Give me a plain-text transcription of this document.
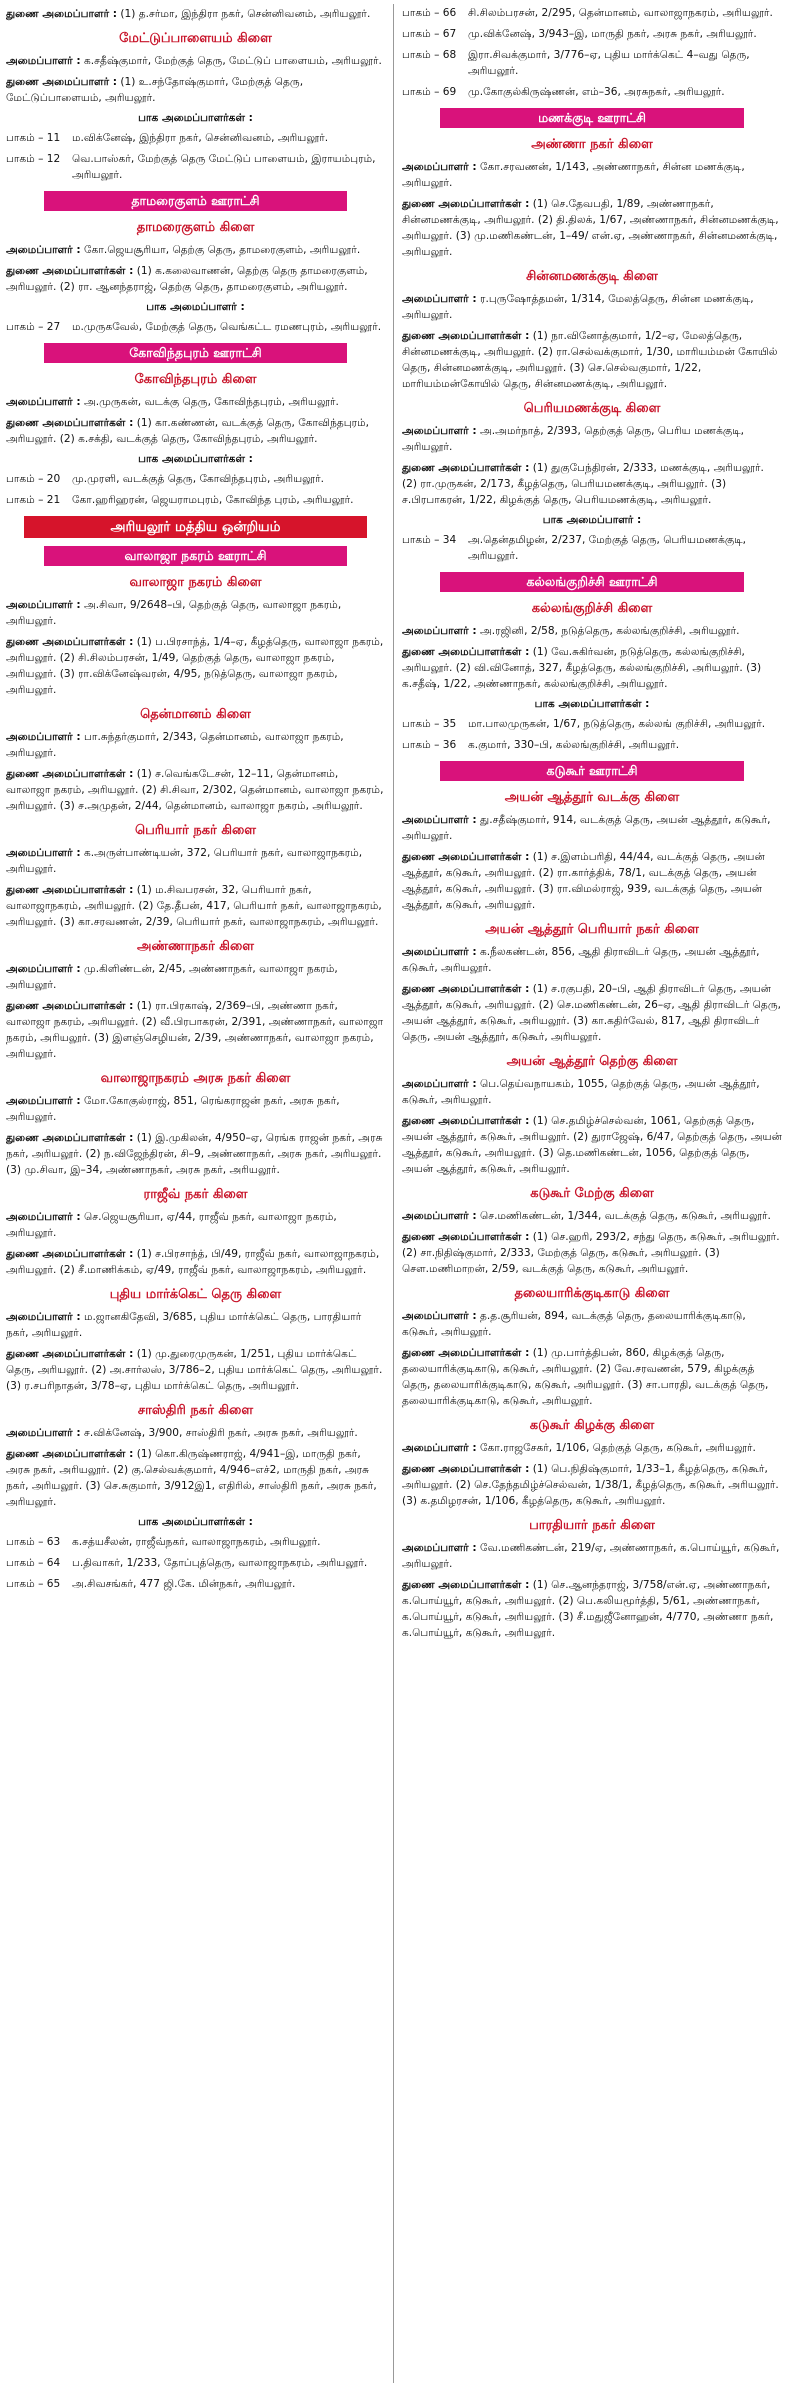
துணை அமைப்பாளர் : (1) த.சர்மா, இந்திரா நகர், சென்னிவனம், அரியலூர்.
மேட்டுப்பாளையம் கிளை
அமைப்பாளர் : க.சதீஷ்குமார், மேற்குத் தெரு, மேட்டுப் பாளையம், அரியலூர்.
துணை அமைப்பாளர் : (1) உ.சந்தோஷ்குமார், மேற்குத் தெரு, மேட்டுப்பாளையம், அரியலூர்.
பாக அமைப்பாளர்கள் :
பாகம் – 11	ம.விக்னேஷ், இந்திரா நகர், சென்னிவனம், அரியலூர்.
பாகம் – 12	வெ.பாஸ்கர், மேற்குத் தெரு மேட்டுப் பாளையம், இராயம்புரம், அரியலூர்.
தாமரைகுளம் ஊராட்சி
தாமரைகுளம் கிளை
அமைப்பாளர் : கோ.ஜெயசூரியா, தெற்கு தெரு, தாமரைகுளம், அரியலூர்.
துணை அமைப்பாளர்கள் : (1) க.கலைவாணன், தெற்கு தெரு தாமரைகுளம், அரியலூர். (2) ரா. ஆனந்தராஜ், தெற்கு தெரு, தாமரைகுளம், அரியலூர்.
பாக அமைப்பாளர் :
பாகம் – 27	ம.முருகவேல், மேற்குத் தெரு, வெங்கட்ட ரமணபுரம், அரியலூர்.
கோவிந்தபுரம் ஊராட்சி
கோவிந்தபுரம் கிளை
அமைப்பாளர் : அ.முருகன், வடக்கு தெரு, கோவிந்தபுரம், அரியலூர்.
துணை அமைப்பாளர்கள் : (1) கா.கண்ணன், வடக்குத் தெரு, கோவிந்தபுரம், அரியலூர். (2) க.சக்தி, வடக்குத் தெரு, கோவிந்தபுரம், அரியலூர்.
பாக அமைப்பாளர்கள் :
பாகம் – 20	மு.முரளி, வடக்குத் தெரு, கோவிந்தபுரம், அரியலூர்.
பாகம் – 21	கோ.ஹரிஹரன், ஜெயராமபுரம், கோவிந்த புரம், அரியலூர்.
அரியலூர் மத்திய ஒன்றியம்
வாலாஜா நகரம் ஊராட்சி
வாலாஜா நகரம் கிளை
அமைப்பாளர் : அ.சிவா, 9/2648–பி, தெற்குத் தெரு, வாலாஜா நகரம், அரியலூர்.
துணை அமைப்பாளர்கள் : (1) ப.பிரசாந்த், 1/4–ஏ, கீழத்தெரு, வாலாஜா நகரம், அரியலூர். (2) சி.சிலம்பரசன், 1/49, தெற்குத் தெரு, வாலாஜா நகரம், அரியலூர். (3) ரா.விக்னேஷ்வரன், 4/95, நடுத்தெரு, வாலாஜா நகரம், அரியலூர்.
தென்மானம் கிளை
அமைப்பாளர் : பா.சுந்தர்குமார், 2/343, தென்மானம், வாலாஜா நகரம், அரியலூர்.
துணை அமைப்பாளர்கள் : (1) ச.வெங்கடேசன், 12–11, தென்மானம், வாலாஜா நகரம், அரியலூர். (2) சி.சிவா, 2/302, தென்மானம், வாலாஜா நகரம், அரியலூர். (3) ச.அமுதன், 2/44, தென்மானம், வாலாஜா நகரம், அரியலூர்.
பெரியார் நகர் கிளை
அமைப்பாளர் : க.அருள்பாண்டியன், 372, பெரியார் நகர், வாலாஜாநகரம், அரியலூர்.
துணை அமைப்பாளர்கள் : (1) ம.சிவபரசன், 32, பெரியார் நகர், வாலாஜாநகரம், அரியலூர். (2) தே.தீபன், 417, பெரியார் நகர், வாலாஜாநகரம், அரியலூர். (3) கா.சரவணன், 2/39, பெரியார் நகர், வாலாஜாநகரம், அரியலூர்.
அண்ணாநகர் கிளை
அமைப்பாளர் : மு.கிளிண்டன், 2/45, அண்ணாநகர், வாலாஜா நகரம், அரியலூர்.
துணை அமைப்பாளர்கள் : (1) ரா.பிரகாஷ், 2/369–பி, அண்ணா நகர், வாலாஜா நகரம், அரியலூர். (2) வீ.பிரபாகரன், 2/391, அண்ணாநகர், வாலாஜா நகரம், அரியலூர். (3) இளஞ்செழியன், 2/39, அண்ணாநகர், வாலாஜா நகரம், அரியலூர்.
வாலாஜாநகரம் அரசு நகர் கிளை
அமைப்பாளர் : மோ.கோகுல்ராஜ், 851, ரெங்கராஜன் நகர், அரசு நகர், அரியலூர்.
துணை அமைப்பாளர்கள் : (1) இ.முகிலன், 4/950–ஏ, ரெங்க ராஜன் நகர், அரசு நகர், அரியலூர். (2) ந.விஜேந்திரன், சி–9, அண்ணாநகர், அரசு நகர், அரியலூர். (3) மு.சிவா, இ–34, அண்ணாநகர், அரசு நகர், அரியலூர்.
ராஜீவ் நகர் கிளை
அமைப்பாளர் : செ.ஜெயசூரியா, ஏ/44, ராஜீவ் நகர், வாலாஜா நகரம், அரியலூர்.
துணை அமைப்பாளர்கள் : (1) ச.பிரசாந்த், பி/49, ராஜீவ் நகர், வாலாஜாநகரம், அரியலூர். (2) சீ.மாணிக்கம், ஏ/49, ராஜீவ் நகர், வாலாஜாநகரம், அரியலூர்.
புதிய மார்க்கெட் தெரு கிளை
அமைப்பாளர் : ம.ஜானகிதேவி, 3/685, புதிய மார்க்கெட் தெரு, பாரதியார் நகர், அரியலூர்.
துணை அமைப்பாளர்கள் : (1) மு.துரைமுருகன், 1/251, புதிய மார்க்கெட் தெரு, அரியலூர். (2) அ.சார்லஸ், 3/786–2, புதிய மார்க்கெட் தெரு, அரியலூர். (3) ர.சபரிநாதன், 3/78–ஏ, புதிய மார்க்கெட் தெரு, அரியலூர்.
சாஸ்திரி நகர் கிளை
அமைப்பாளர் : ச.விக்னேஷ், 3/900, சாஸ்திரி நகர், அரசு நகர், அரியலூர்.
துணை அமைப்பாளர்கள் : (1) கொ.கிருஷ்ணராஜ், 4/941–இ, மாருதி நகர், அரசு நகர், அரியலூர். (2) கு.செல்வக்குமார், 4/946–எச்2, மாருதி நகர், அரசு நகர், அரியலூர். (3) செ.சுகுமார், 3/912இ1, எதிரில், சாஸ்திரி நகர், அரசு நகர், அரியலூர்.
பாக அமைப்பாளர்கள் :
பாகம் – 63	க.சத்யசீலன், ராஜீவ்நகர், வாலாஜாநகரம், அரியலூர்.
பாகம் – 64	ப.திவாகர், 1/233, தோப்புத்தெரு, வாலாஜாநகரம், அரியலூர்.
பாகம் – 65	அ.சிவசங்கர், 477 ஜி.கே. மின்நகர், அரியலூர்.
பாகம் – 66	சி.சிலம்பரசன், 2/295, தென்மானம், வாலாஜாநகரம், அரியலூர்.
பாகம் – 67	மு.விக்னேஷ், 3/943–இ, மாருதி நகர், அரசு நகர், அரியலூர்.
பாகம் – 68	இரா.சிவக்குமார், 3/776–ஏ, புதிய மார்க்கெட் 4–வது தெரு, அரியலூர்.
பாகம் – 69	மு.கோகுல்கிருஷ்ணன், எம்–36, அரசுநகர், அரியலூர்.
மணக்குடி ஊராட்சி
அண்ணா நகர் கிளை
அமைப்பாளர் : கோ.சரவணன், 1/143, அண்ணாநகர், சின்ன மணக்குடி, அரியலூர்.
துணை அமைப்பாளர்கள் : (1) செ.தேவபதி, 1/89, அண்ணாநகர், சின்னமணக்குடி, அரியலூர். (2) தி.திலக், 1/67, அண்ணாநகர், சின்னமணக்குடி, அரியலூர். (3) மு.மணிகண்டன், 1–49/ என்.ஏ, அண்ணாநகர், சின்னமணக்குடி, அரியலூர்.
சின்னமணக்குடி கிளை
அமைப்பாளர் : ர.புருஷோத்தமன், 1/314, மேலத்தெரு, சின்ன மணக்குடி, அரியலூர்.
துணை அமைப்பாளர்கள் : (1) நா.வினோத்குமார், 1/2–ஏ, மேலத்தெரு, சின்னமணக்குடி, அரியலூர். (2) ரா.செல்வக்குமார், 1/30, மாரியம்மன் கோயில் தெரு, சின்னமணக்குடி, அரியலூர். (3) செ.செல்வகுமார், 1/22, மாரியம்மன்கோயில் தெரு, சின்னமணக்குடி, அரியலூர்.
பெரியமணக்குடி கிளை
அமைப்பாளர் : அ.அமர்நாத், 2/393, தெற்குத் தெரு, பெரிய மணக்குடி, அரியலூர்.
துணை அமைப்பாளர்கள் : (1) துகுபேந்திரன், 2/333, மணக்குடி, அரியலூர். (2) ரா.முருகன், 2/173, கீழத்தெரு, பெரியமணக்குடி, அரியலூர். (3) ச.பிரபாகரன், 1/22, கிழக்குத் தெரு, பெரியமணக்குடி, அரியலூர்.
பாக அமைப்பாளர் :
பாகம் – 34	அ.தென்தமிழன், 2/237, மேற்குத் தெரு, பெரியமணக்குடி, அரியலூர்.
கல்லங்குறிச்சி ஊராட்சி
கல்லங்குறிச்சி கிளை
அமைப்பாளர் : அ.ரஜினி, 2/58, நடுத்தெரு, கல்லங்குறிச்சி, அரியலூர்.
துணை அமைப்பாளர்கள் : (1) வே.சுகிர்வன், நடுத்தெரு, கல்லங்குறிச்சி, அரியலூர். (2) வி.வினோத், 327, கீழத்தெரு, கல்லங்குறிச்சி, அரியலூர். (3) க.சதீஷ், 1/22, அண்ணாநகர், கல்லங்குறிச்சி, அரியலூர்.
பாக அமைப்பாளர்கள் :
பாகம் – 35	மா.பாலமுருகன், 1/67, நடுத்தெரு, கல்லங் குறிச்சி, அரியலூர்.
பாகம் – 36	க.குமார், 330–பி, கல்லங்குறிச்சி, அரியலூர்.
கடுகூர் ஊராட்சி
அயன் ஆத்தூர் வடக்கு கிளை
அமைப்பாளர் : து.சதீஷ்குமார், 914, வடக்குத் தெரு, அயன் ஆத்தூர், கடுகூர், அரியலூர்.
துணை அமைப்பாளர்கள் : (1) ச.இளம்பரிதி, 44/44, வடக்குத் தெரு, அயன் ஆத்தூர், கடுகூர், அரியலூர். (2) ரா.கார்த்திக், 78/1, வடக்குத் தெரு, அயன் ஆத்தூர், கடுகூர், அரியலூர். (3) ரா.விமல்ராஜ், 939, வடக்குத் தெரு, அயன் ஆத்தூர், கடுகூர், அரியலூர்.
அயன் ஆத்தூர் பெரியார் நகர் கிளை
அமைப்பாளர் : க.நீலகண்டன், 856, ஆதி திராவிடர் தெரு, அயன் ஆத்தூர், கடுகூர், அரியலூர்.
துணை அமைப்பாளர்கள் : (1) ச.ரகுபதி, 20–பி, ஆதி திராவிடர் தெரு, அயன் ஆத்தூர், கடுகூர், அரியலூர். (2) செ.மணிகண்டன், 26–ஏ, ஆதி திராவிடர் தெரு, அயன் ஆத்தூர், கடுகூர், அரியலூர். (3) கா.கதிர்வேல், 817, ஆதி திராவிடர் தெரு, அயன் ஆத்தூர், கடுகூர், அரியலூர்.
அயன் ஆத்தூர் தெற்கு கிளை
அமைப்பாளர் : பெ.தெய்வநாயகம், 1055, தெற்குத் தெரு, அயன் ஆத்தூர், கடுகூர், அரியலூர்.
துணை அமைப்பாளர்கள் : (1) செ.தமிழ்ச்செல்வன், 1061, தெற்குத் தெரு, அயன் ஆத்தூர், கடுகூர், அரியலூர். (2) துராஜேஷ், 6/47, தெற்குத் தெரு, அயன் ஆத்தூர், கடுகூர், அரியலூர். (3) தெ.மணிகண்டன், 1056, தெற்குத் தெரு, அயன் ஆத்தூர், கடுகூர், அரியலூர்.
கடுகூர் மேற்கு கிளை
அமைப்பாளர் : செ.மணிகண்டன், 1/344, வடக்குத் தெரு, கடுகூர், அரியலூர்.
துணை அமைப்பாளர்கள் : (1) செ.ஹரி, 293/2, சந்து தெரு, கடுகூர், அரியலூர். (2) சா.நிதிஷ்குமார், 2/333, மேற்குத் தெரு, கடுகூர், அரியலூர். (3) சௌ.மணிமாறன், 2/59, வடக்குத் தெரு, கடுகூர், அரியலூர்.
தலையாரிக்குடிகாடு கிளை
அமைப்பாளர் : த.த.சூரியன், 894, வடக்குத் தெரு, தலையாரிக்குடிகாடு, கடுகூர், அரியலூர்.
துணை அமைப்பாளர்கள் : (1) மு.பார்த்திபன், 860, கிழக்குத் தெரு, தலையாரிக்குடிகாடு, கடுகூர், அரியலூர். (2) வே.சரவணன், 579, கிழக்குத் தெரு, தலையாரிக்குடிகாடு, கடுகூர், அரியலூர். (3) சா.பாரதி, வடக்குத் தெரு, தலையாரிக்குடிகாடு, கடுகூர், அரியலூர்.
கடுகூர் கிழக்கு கிளை
அமைப்பாளர் : கோ.ராஜசேகர், 1/106, தெற்குத் தெரு, கடுகூர், அரியலூர்.
துணை அமைப்பாளர்கள் : (1) பெ.நிதிஷ்குமார், 1/33–1, கீழத்தெரு, கடுகூர், அரியலூர். (2) செ.தேந்தமிழ்ச்செல்வன், 1/38/1, கீழத்தெரு, கடுகூர், அரியலூர். (3) க.தமிழரசன், 1/106, கீழத்தெரு, கடுகூர், அரியலூர்.
பாரதியார் நகர் கிளை
அமைப்பாளர் : வே.மணிகண்டன், 219/ஏ, அண்ணாநகர், க.பொய்யூர், கடுகூர், அரியலூர்.
துணை அமைப்பாளர்கள் : (1) செ.ஆனந்தராஜ், 3/758/என்.ஏ, அண்ணாநகர், க.பொய்யூர், கடுகூர், அரியலூர். (2) பெ.கலியமூர்த்தி, 5/61, அண்ணாநகர், க.பொய்யூர், கடுகூர், அரியலூர். (3) சீ.மதுஜீனோஹன், 4/770, அண்ணா நகர், க.பொய்யூர், கடுகூர், அரியலூர்.
